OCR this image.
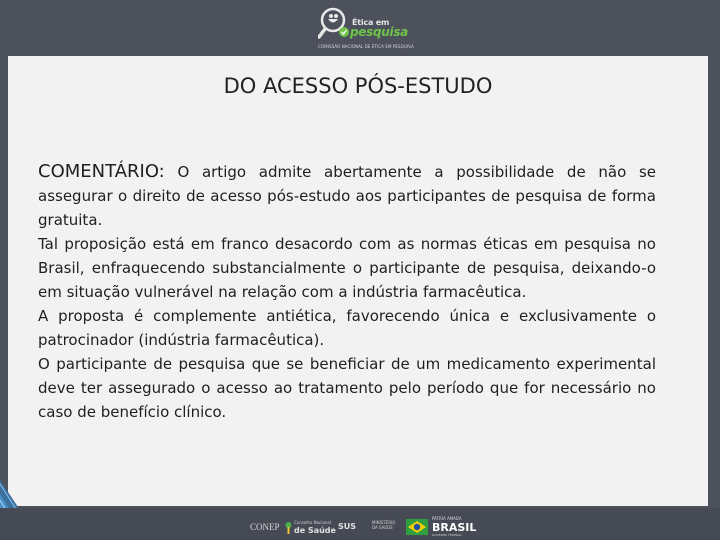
Ética em
pesquisa
COMISSÃO NACIONAL DE ÉTICA EM PESQUISA
DO ACESSO PÓS-ESTUDO

COMENTÁRIO: O artigo admite abertamente a possibilidade de não se assegurar o direito de acesso pós-estudo aos participantes de pesquisa de forma gratuita.

Tal proposição está em franco desacordo com as normas éticas em pesquisa no Brasil, enfraquecendo substancialmente o participante de pesquisa, deixando-o em situação vulnerável na relação com a indústria farmacêutica.

A proposta é complemente antiética, favorecendo única e exclusivamente o patrocinador (indústria farmacêutica).

O participante de pesquisa que se beneficiar de um medicamento experimental deve ter assegurado o acesso ao tratamento pelo período que for necessário no caso de benefício clínico.

CONEP	Conselho Nacional
de Saúde SUS	MINISTÉRIO DA SAÚDE
PÁTRIA AMADA
BRASIL
GOVERNO FEDERAL
